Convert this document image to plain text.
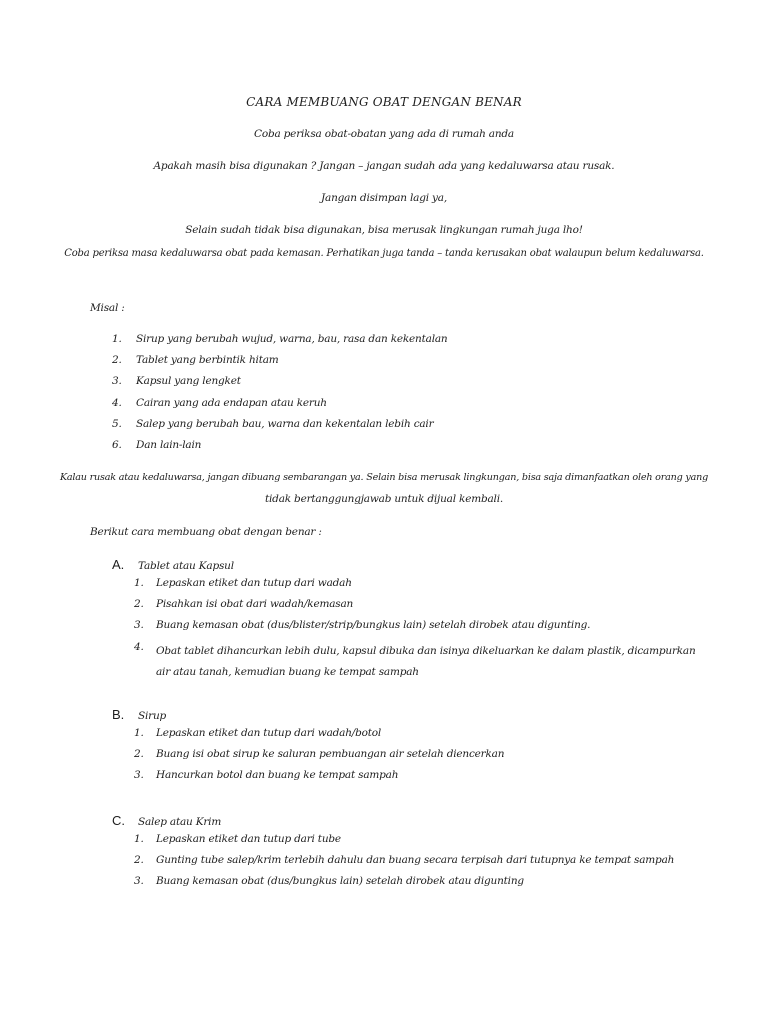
CARA MEMBUANG OBAT DENGAN BENAR
Coba periksa obat-obatan yang ada di rumah anda
Apakah masih bisa digunakan ? Jangan – jangan sudah ada yang kedaluwarsa atau rusak.
Jangan disimpan lagi ya,
Selain sudah tidak bisa digunakan, bisa merusak lingkungan rumah juga lho!
Coba periksa masa kedaluwarsa obat pada kemasan. Perhatikan juga tanda – tanda kerusakan obat walaupun belum kedaluwarsa.
Misal :
1.	Sirup yang berubah wujud, warna, bau, rasa dan kekentalan
2.	Tablet yang berbintik hitam
3.	Kapsul yang lengket
4.	Cairan yang ada endapan atau keruh
5.	Salep yang berubah bau, warna dan kekentalan lebih cair
6.	Dan lain-lain
Kalau rusak atau kedaluwarsa, jangan dibuang sembarangan ya. Selain bisa merusak lingkungan, bisa saja dimanfaatkan oleh orang yang
tidak bertanggungjawab untuk dijual kembali.
Berikut cara membuang obat dengan benar :
A.	Tablet atau Kapsul
1.	Lepaskan etiket dan tutup dari wadah
2.	Pisahkan isi obat dari wadah/kemasan
3.	Buang kemasan obat (dus/blister/strip/bungkus lain) setelah dirobek atau digunting.
4.	Obat tablet dihancurkan lebih dulu, kapsul dibuka dan isinya dikeluarkan ke dalam plastik, dicampurkan air atau tanah, kemudian buang ke tempat sampah
B.	Sirup
1.	Lepaskan etiket dan tutup dari wadah/botol
2.	Buang isi obat sirup ke saluran pembuangan air setelah diencerkan
3.	Hancurkan botol dan buang ke tempat sampah
C.	Salep atau Krim
1.	Lepaskan etiket dan tutup dari tube
2.	Gunting tube salep/krim terlebih dahulu dan buang secara terpisah dari tutupnya ke tempat sampah
3.	Buang kemasan obat (dus/bungkus lain) setelah dirobek atau digunting
